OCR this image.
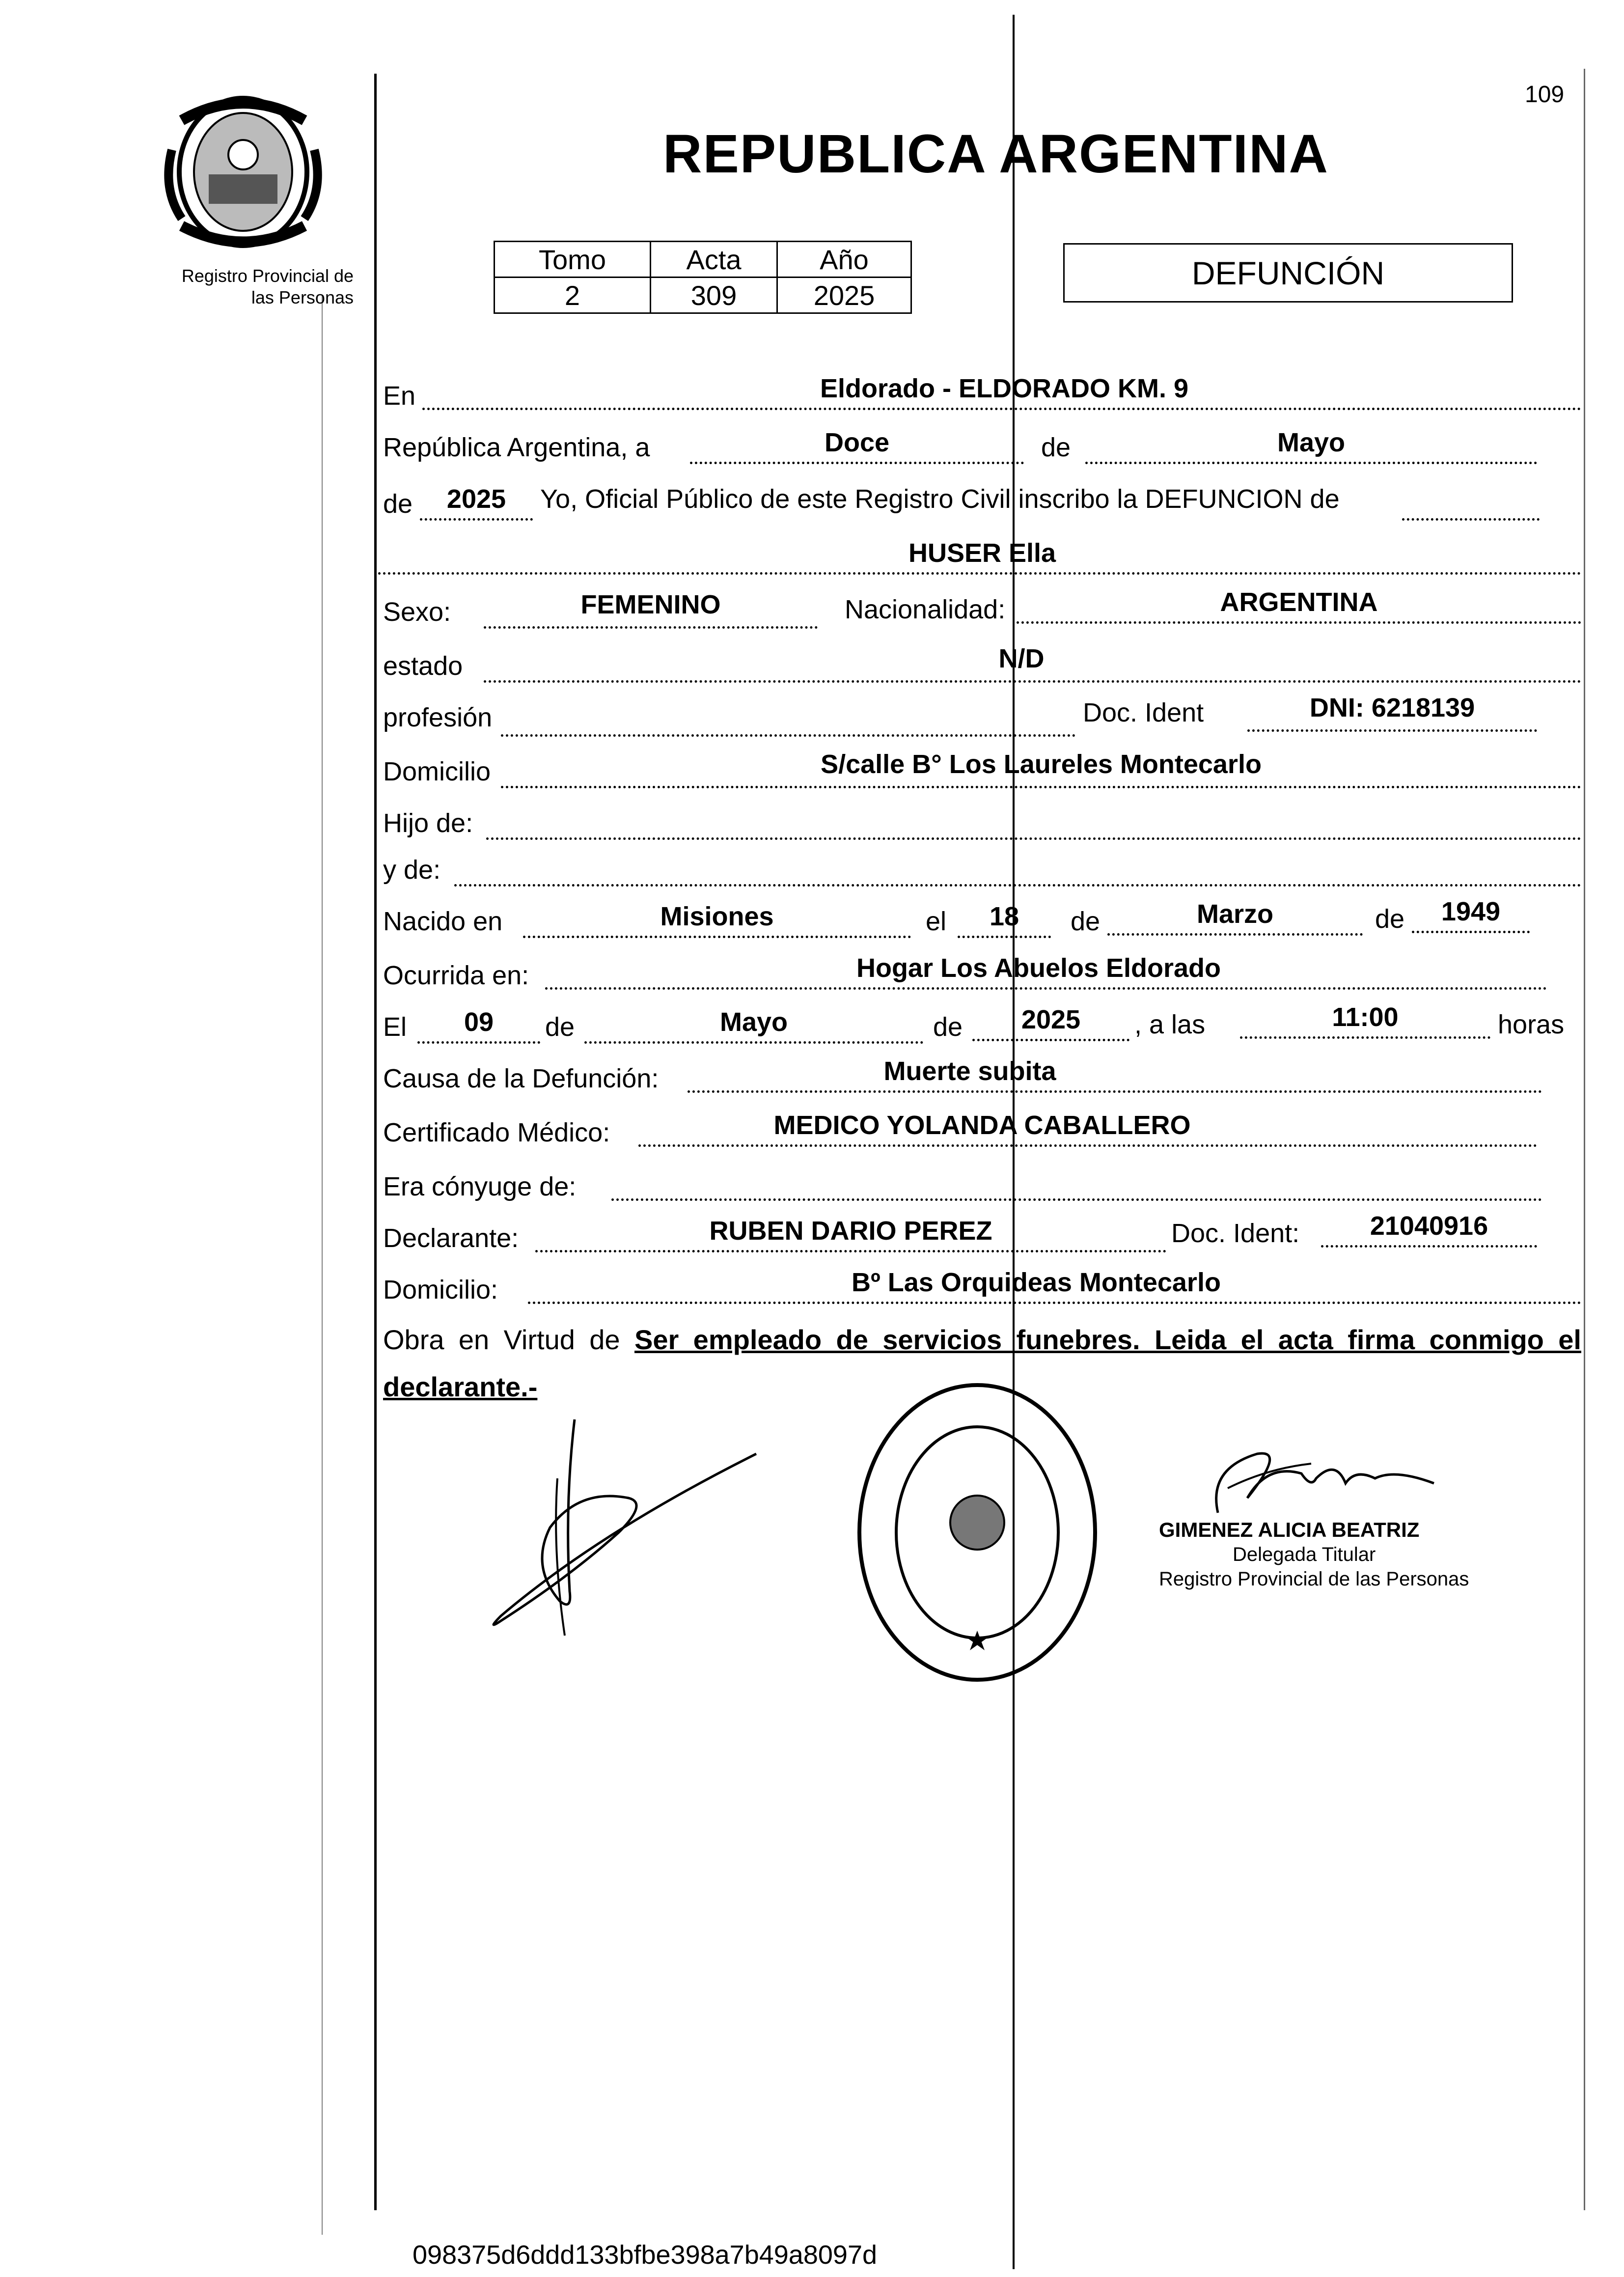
109
Registro Provincial de
las Personas
REPUBLICA ARGENTINA
Tomo	Acta	Año
2	309	2025
DEFUNCIÓN
En	Eldorado - ELDORADO KM. 9
República Argentina, a	Doce	de	Mayo
de	2025	Yo, Oficial Público de este Registro Civil inscribo la DEFUNCION de
HUSER Ella
Sexo:	FEMENINO	Nacionalidad:	ARGENTINA
estado	N/D
profesión	Doc. Ident	DNI: 6218139
Domicilio	S/calle B° Los Laureles Montecarlo
Hijo de:
y de:
Nacido en	Misiones	el	18	de	Marzo	de	1949
Ocurrida en:	Hogar Los Abuelos Eldorado
El	09	de	Mayo	de	2025	, a las	11:00	horas
Causa de la Defunción:	Muerte subita
Certificado Médico:	MEDICO YOLANDA CABALLERO
Era cónyuge de:
Declarante:	RUBEN DARIO PEREZ	Doc. Ident:	21040916
Domicilio:	Bº Las Orquideas Montecarlo
Obra en Virtud de Ser empleado de servicios funebres. Leida el acta firma conmigo el declarante.-
GIMENEZ ALICIA BEATRIZ
Delegada Titular
Registro Provincial de las Personas
098375d6ddd133bfbe398a7b49a8097d
